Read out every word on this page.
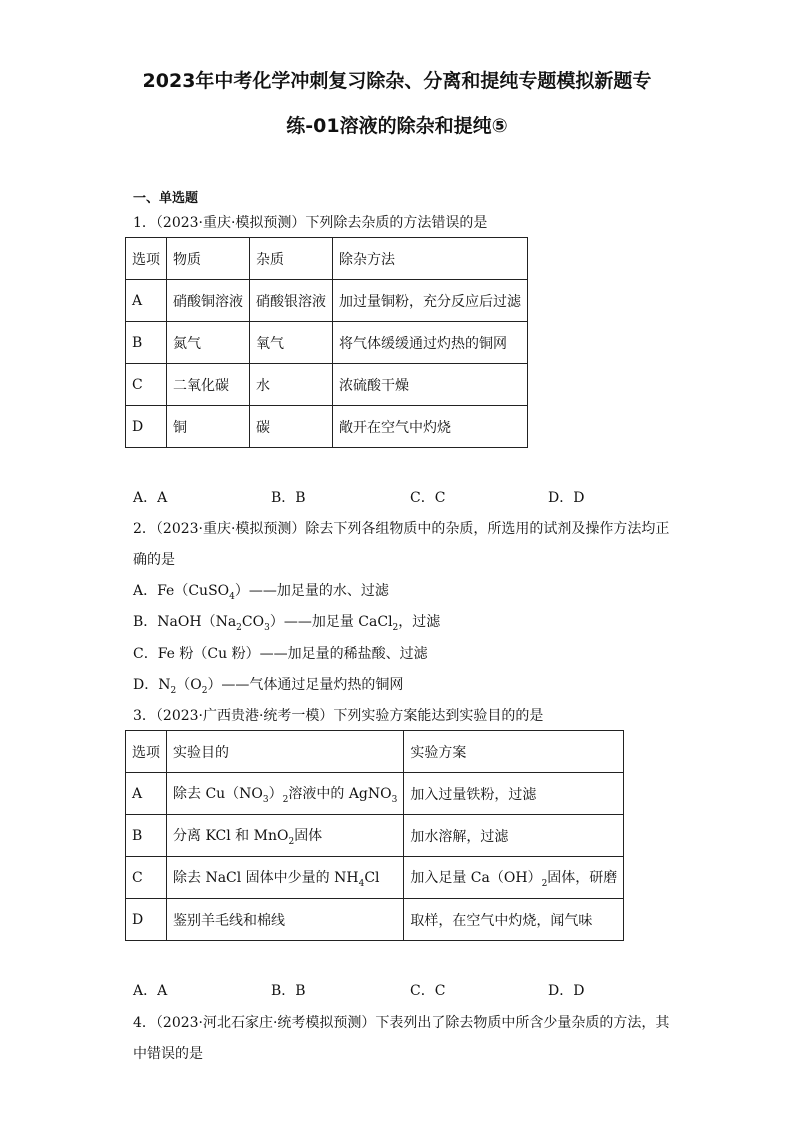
2023年中考化学冲刺复习除杂、分离和提纯专题模拟新题专
练-01溶液的除杂和提纯⑤
一、单选题
1．（2023·重庆·模拟预测）下列除去杂质的方法错误的是
选项	物质	杂质	除杂方法
A	硝酸铜溶液	硝酸银溶液	加过量铜粉，充分反应后过滤
B	氮气	氧气	将气体缓缓通过灼热的铜网
C	二氧化碳	水	浓硫酸干燥
D	铜	碳	敞开在空气中灼烧
A．A	B．B	C．C	D．D
2．（2023·重庆·模拟预测）除去下列各组物质中的杂质，所选用的试剂及操作方法均正
确的是
A．Fe（CuSO$_4$）——加足量的水、过滤
B．$NaOH(Na_2CO_3)——$加足量 CaCl$_2$，过滤
C．Fe 粉（Cu 粉）——加足量的稀盐酸、过滤
D．$N_2(O_2)——$气体通过足量灼热的铜网
3．（2023·广西贵港·统考一模）下列实验方案能达到实验目的的是
选项	实验目的	实验方案
A	除去 $Cu(NO_3)_2$溶液中的 AgNO$_3$	加入过量铁粉，过滤
B	分离 KCl 和 MnO$_2$固体	加水溶解，过滤
C	除去 NaCl 固体中少量的 $NH_4Cl$	加入足量 $Ca(OH)_2$固体，研磨
D	鉴别羊毛线和棉线	取样，在空气中灼烧，闻气味
A．A	B．B	C．C	D．D
4．（2023·河北石家庄·统考模拟预测）下表列出了除去物质中所含少量杂质的方法，其
中错误的是
